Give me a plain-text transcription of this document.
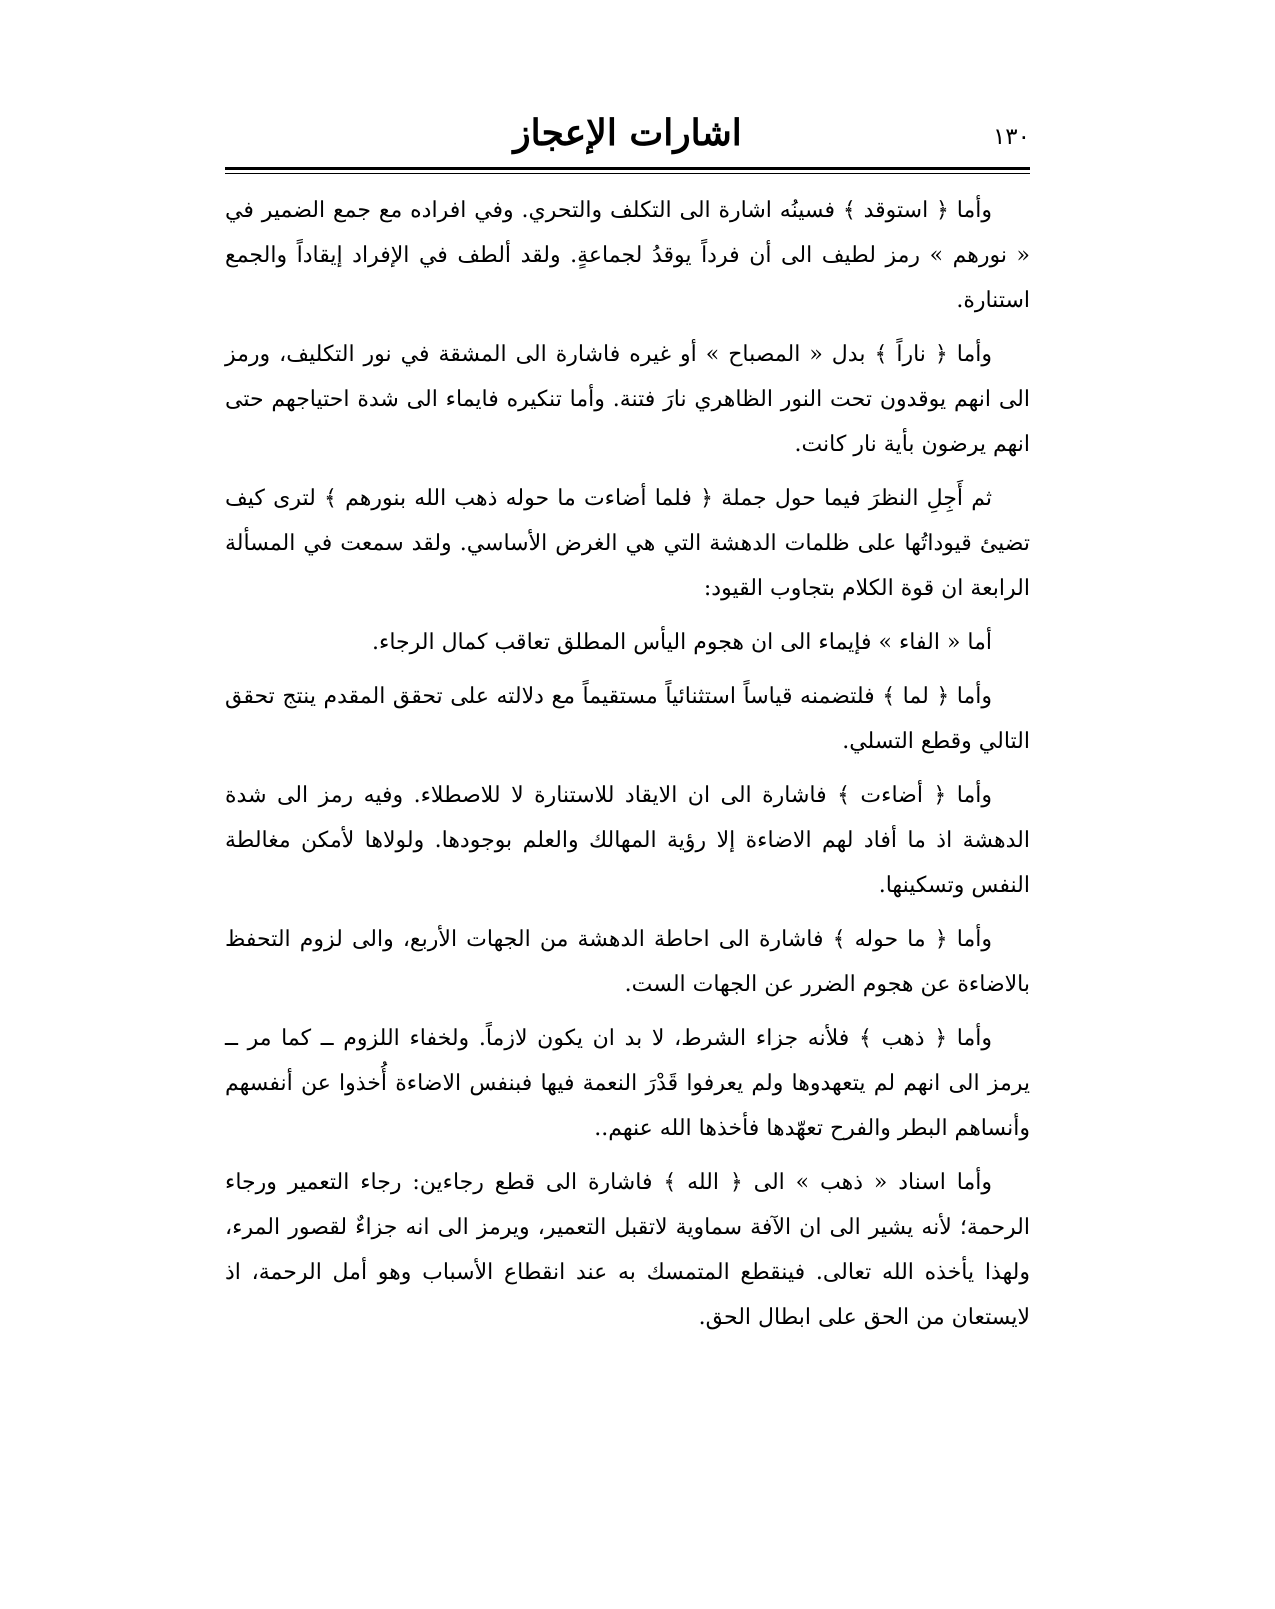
١٣٠
اشارات الإعجاز

وأما ﴿ استوقد ﴾ فسينُه اشارة الى التكلف والتحري. وفي افراده مع جمع الضمير في « نورهم » رمز لطيف الى أن فرداً يوقدُ لجماعةٍ. ولقد ألطف في الإفراد إيقاداً والجمع استنارة.

وأما ﴿ ناراً ﴾ بدل « المصباح » أو غيره فاشارة الى المشقة في نور التكليف، ورمز الى انهم يوقدون تحت النور الظاهري نارَ فتنة. وأما تنكيره فايماء الى شدة احتياجهم حتى انهم يرضون بأية نار كانت.

ثم أَجِلِ النظرَ فيما حول جملة ﴿ فلما أضاءت ما حوله ذهب الله بنورهم ﴾ لترى كيف تضيئ قيوداتُها على ظلمات الدهشة التي هي الغرض الأساسي. ولقد سمعت في المسألة الرابعة ان قوة الكلام بتجاوب القيود:

أما « الفاء » فإيماء الى ان هجوم اليأس المطلق تعاقب كمال الرجاء.

وأما ﴿ لما ﴾ فلتضمنه قياساً استثنائياً مستقيماً مع دلالته على تحقق المقدم ينتج تحقق التالي وقطع التسلي.

وأما ﴿ أضاءت ﴾ فاشارة الى ان الايقاد للاستنارة لا للاصطلاء. وفيه رمز الى شدة الدهشة اذ ما أفاد لهم الاضاءة إلا رؤية المهالك والعلم بوجودها. ولولاها لأمكن مغالطة النفس وتسكينها.

وأما ﴿ ما حوله ﴾ فاشارة الى احاطة الدهشة من الجهات الأربع، والى لزوم التحفظ بالاضاءة عن هجوم الضرر عن الجهات الست.

وأما ﴿ ذهب ﴾ فلأنه جزاء الشرط، لا بد ان يكون لازماً. ولخفاء اللزوم ــ كما مر ــ يرمز الى انهم لم يتعهدوها ولم يعرفوا قَدْرَ النعمة فيها فبنفس الاضاءة أُخذوا عن أنفسهم وأنساهم البطر والفرح تعهّدها فأخذها الله عنهم..

وأما اسناد « ذهب » الى ﴿ الله ﴾ فاشارة الى قطع رجاءين: رجاء التعمير ورجاء الرحمة؛ لأنه يشير الى ان الآفة سماوية لاتقبل التعمير، ويرمز الى انه جزاءٌ لقصور المرء، ولهذا يأخذه الله تعالى. فينقطع المتمسك به عند انقطاع الأسباب وهو أمل الرحمة، اذ لايستعان من الحق على ابطال الحق.
